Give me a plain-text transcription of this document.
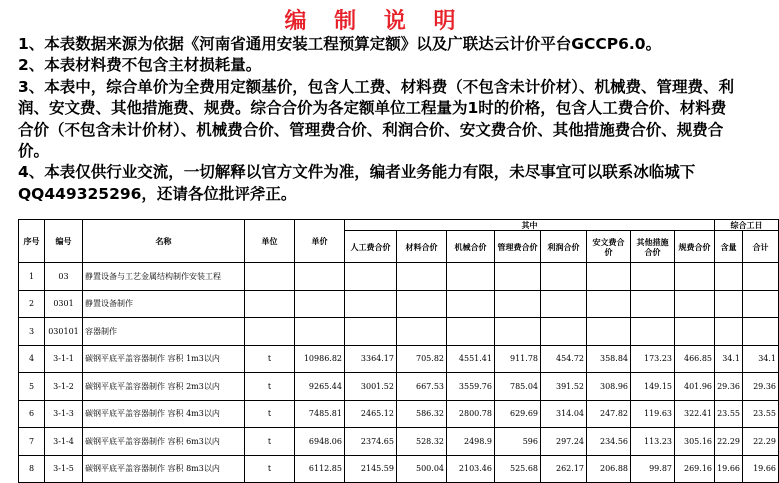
编 制 说 明

1、本表数据来源为依据《河南省通用安装工程预算定额》以及广联达云计价平台GCCP6.0。

2、本表材料费不包含主材损耗量。

3、本表中，综合单价为全费用定额基价，包含人工费、材料费（不包含未计价材）、机械费、管理费、利润、安文费、其他措施费、规费。综合合价为各定额单位工程量为1时的价格，包含人工费合价、材料费合价（不包含未计价材）、机械费合价、管理费合价、利润合价、安文费合价、其他措施费合价、规费合价。

4、本表仅供行业交流，一切解释以官方文件为准，编者业务能力有限，未尽事宜可以联系冰临城下QQ449325296，还请各位批评斧正。

序号	编号	名称	单位	单价	其中								综合工日	
					人工费合价	材料合价	机械合价	管理费合价	利润合价	安文费合价	其他措施合价	规费合价	含量	合计
1	03	静置设备与工艺金属结构制作安装工程												
2	0301	静置设备制作												
3	030101	容器制作												
4	3-1-1	碳钢平底平盖容器制作 容积 1m3以内	t	10986.82	3364.17	705.82	4551.41	911.78	454.72	358.84	173.23	466.85	34.1	34.1
5	3-1-2	碳钢平底平盖容器制作 容积 2m3以内	t	9265.44	3001.52	667.53	3559.76	785.04	391.52	308.96	149.15	401.96	29.36	29.36
6	3-1-3	碳钢平底平盖容器制作 容积 4m3以内	t	7485.81	2465.12	586.32	2800.78	629.69	314.04	247.82	119.63	322.41	23.55	23.55
7	3-1-4	碳钢平底平盖容器制作 容积 6m3以内	t	6948.06	2374.65	528.32	2498.9	596	297.24	234.56	113.23	305.16	22.29	22.29
8	3-1-5	碳钢平底平盖容器制作 容积 8m3以内	t	6112.85	2145.59	500.04	2103.46	525.68	262.17	206.88	99.87	269.16	19.66	19.66
